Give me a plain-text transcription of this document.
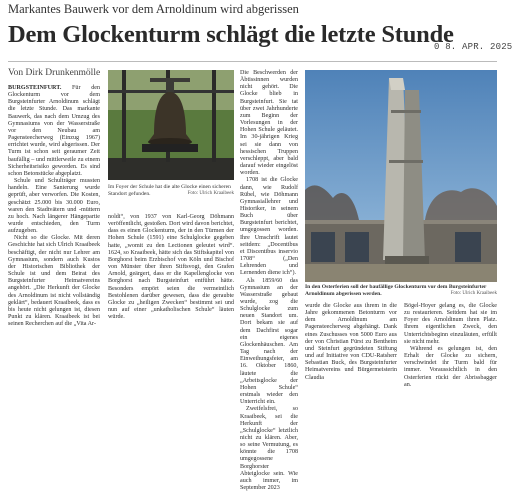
Markantes Bauwerk vor dem Arnoldinum wird abgerissen
Dem Glockenturm schlägt die letzte Stunde
0 8. APR. 2025
Von Dirk Drunkenmölle

BURGSTEINFURT. Für den Glockenturm vor dem Burgsteinfurter Arnoldinum schlägt die letzte Stunde. Das markante Bauwerk, das nach dem Umzug des Gymnasiums von der Wasserstraße vor den Neubau am Pagensteecherweg (Einzug 1967) errichtet wurde, wird abgerissen. Der Turm ist schon seit geraumer Zeit baufällig – und mittlerweile zu einem Sicherheitsrisiko geworden. Es sind schon Betonstücke abgeplatzt.

Schule und Schulträger mussten handeln. Eine Sanierung wurde geprüft, aber verworfen. Die Kosten, geschätzt 25.000 bis 30.000 Euro, waren den Stadtvätern und -müttern zu hoch. Nach längerer Hängepartie wurde entschieden, den Turm aufzugeben.

Nicht so die Glocke. Mit deren Geschichte hat sich Ulrich Kraaibeek beschäftigt, der nicht nur Lehrer am Gymnasium, sondern auch Kustos der Historischen Bibliothek der Schule ist und dem Beirat des Burgsteinfurter Heimatvereins angehört. „Die Herkunft der Glocke des Arnoldinum ist nicht vollständig geklärt“, bedauert Kraaibeek, dass es bis heute nicht gelungen ist, diesen Punkt zu klären. Kraaibeek ist bei seinen Recherchen auf die „Vita Ar-

Im Foyer der Schule hat die alte Glocke einen sicheren Standort gefunden.	Foto: Ulrich Kraaibeek

noldi“, von 1937 von Karl-Georg Döhmann veröffentlicht, gestoßen. Dort wird davon berichtet, dass es einen Glockenturm, der in den Türmen der Hohen Schule (1591) eine Schulglocke gegeben hatte, „womit zu den Lectionen geleutet wird“. 1624, so Kraaibeek, hätte sich das Stiftskapitel von Borghorst beim Erzbischof von Köln und Bischof von Münster über ihren Stiftsvogt, den Grafen Arnold, geärgert, dass er die Kapellenglocke von Borghorst nach Burgsteinfurt entführt hätte. Besonders empört seien die vermeintlich Bestohlenen darüber gewesen, dass die geraubte Glocke zu „heiligen Zwecken“ bestimmt sei und nun auf einer „unkatholischen Schule“ läuten würde.

Die Beschwerden der Äbtissinnen wurden nicht gehört. Die Glocke blieb in Burgsteinfurt. Sie tat über zwei Jahrhunderte zum Beginn der Vorlesungen in der Hohen Schule geläutet. Im 30-jährigen Krieg sei sie dann von hessischen Truppen verschleppt, aber bald darauf wieder eingelöst worden.

1708 ist die Glocke dann, wie Rudolf Rübel, wie Döhmann Gymnasiallehrer und Historiker, in seinem Buch über Burgsteinfurt berichtet, umgegossen worden. Ihre Umschrift lautet seitdem: „Docentibus et Discentibus inservio 1708“ („Den Lehrenden und Lernenden diene ich“).

Als 1859/60 das Gymnasium an der Wasserstraße gebaut wurde, zog die Schulglocke zum neuen Standort um. Dort bekam sie auf dem Dachfirst sogar ein eigenes Glockenhäuschen. Am Tag nach der Einweihungsfeier, am 16. Oktober 1860, läutete die „Arbeitsglocke der Hohen Schule“ erstmals wieder den Unterricht ein.

Zweifelsfrei, so Kraaibeek, sei die Herkunft der „Schulglocke“ letztlich nicht zu klären. Aber, so seine Vermutung, es könnte die 1708 umgegossene Borghorster Abteiglocke sein. Wie auch immer, im September 2023

In den Osterferien soll der baufällige Glockenturm vor dem Burgsteinfurter Arnoldinum abgerissen werden.	Foto: Ulrich Kraaibeek

wurde die Glocke aus ihrem in die Jahre gekommenen Betonturm vor dem Arnoldinum am Pagensteecherweg abgehängt. Dank eines Zuschusses von 5000 Euro aus der von Christian Fürst zu Bentheim und Steinfurt gegründeten Stiftung und auf Initiative von CDU-Ratsherr Sebastian Buck, des Burgsteinfurter Heimatvereins und Bürgermeisterin Claudia

Bögel-Hoyer gelang es, die Glocke zu restaurieren. Seitdem hat sie im Foyer des Arnoldinum ihren Platz. Ihrem eigentlichen Zweck, den Unterrichtsbeginn einzuläuten, erfüllt sie nicht mehr.

Während es gelungen ist, den Erhalt der Glocke zu sichern, verschwindet ihr Turm bald für immer. Voraussichtlich in den Osterferien rückt der Abrissbagger an.
